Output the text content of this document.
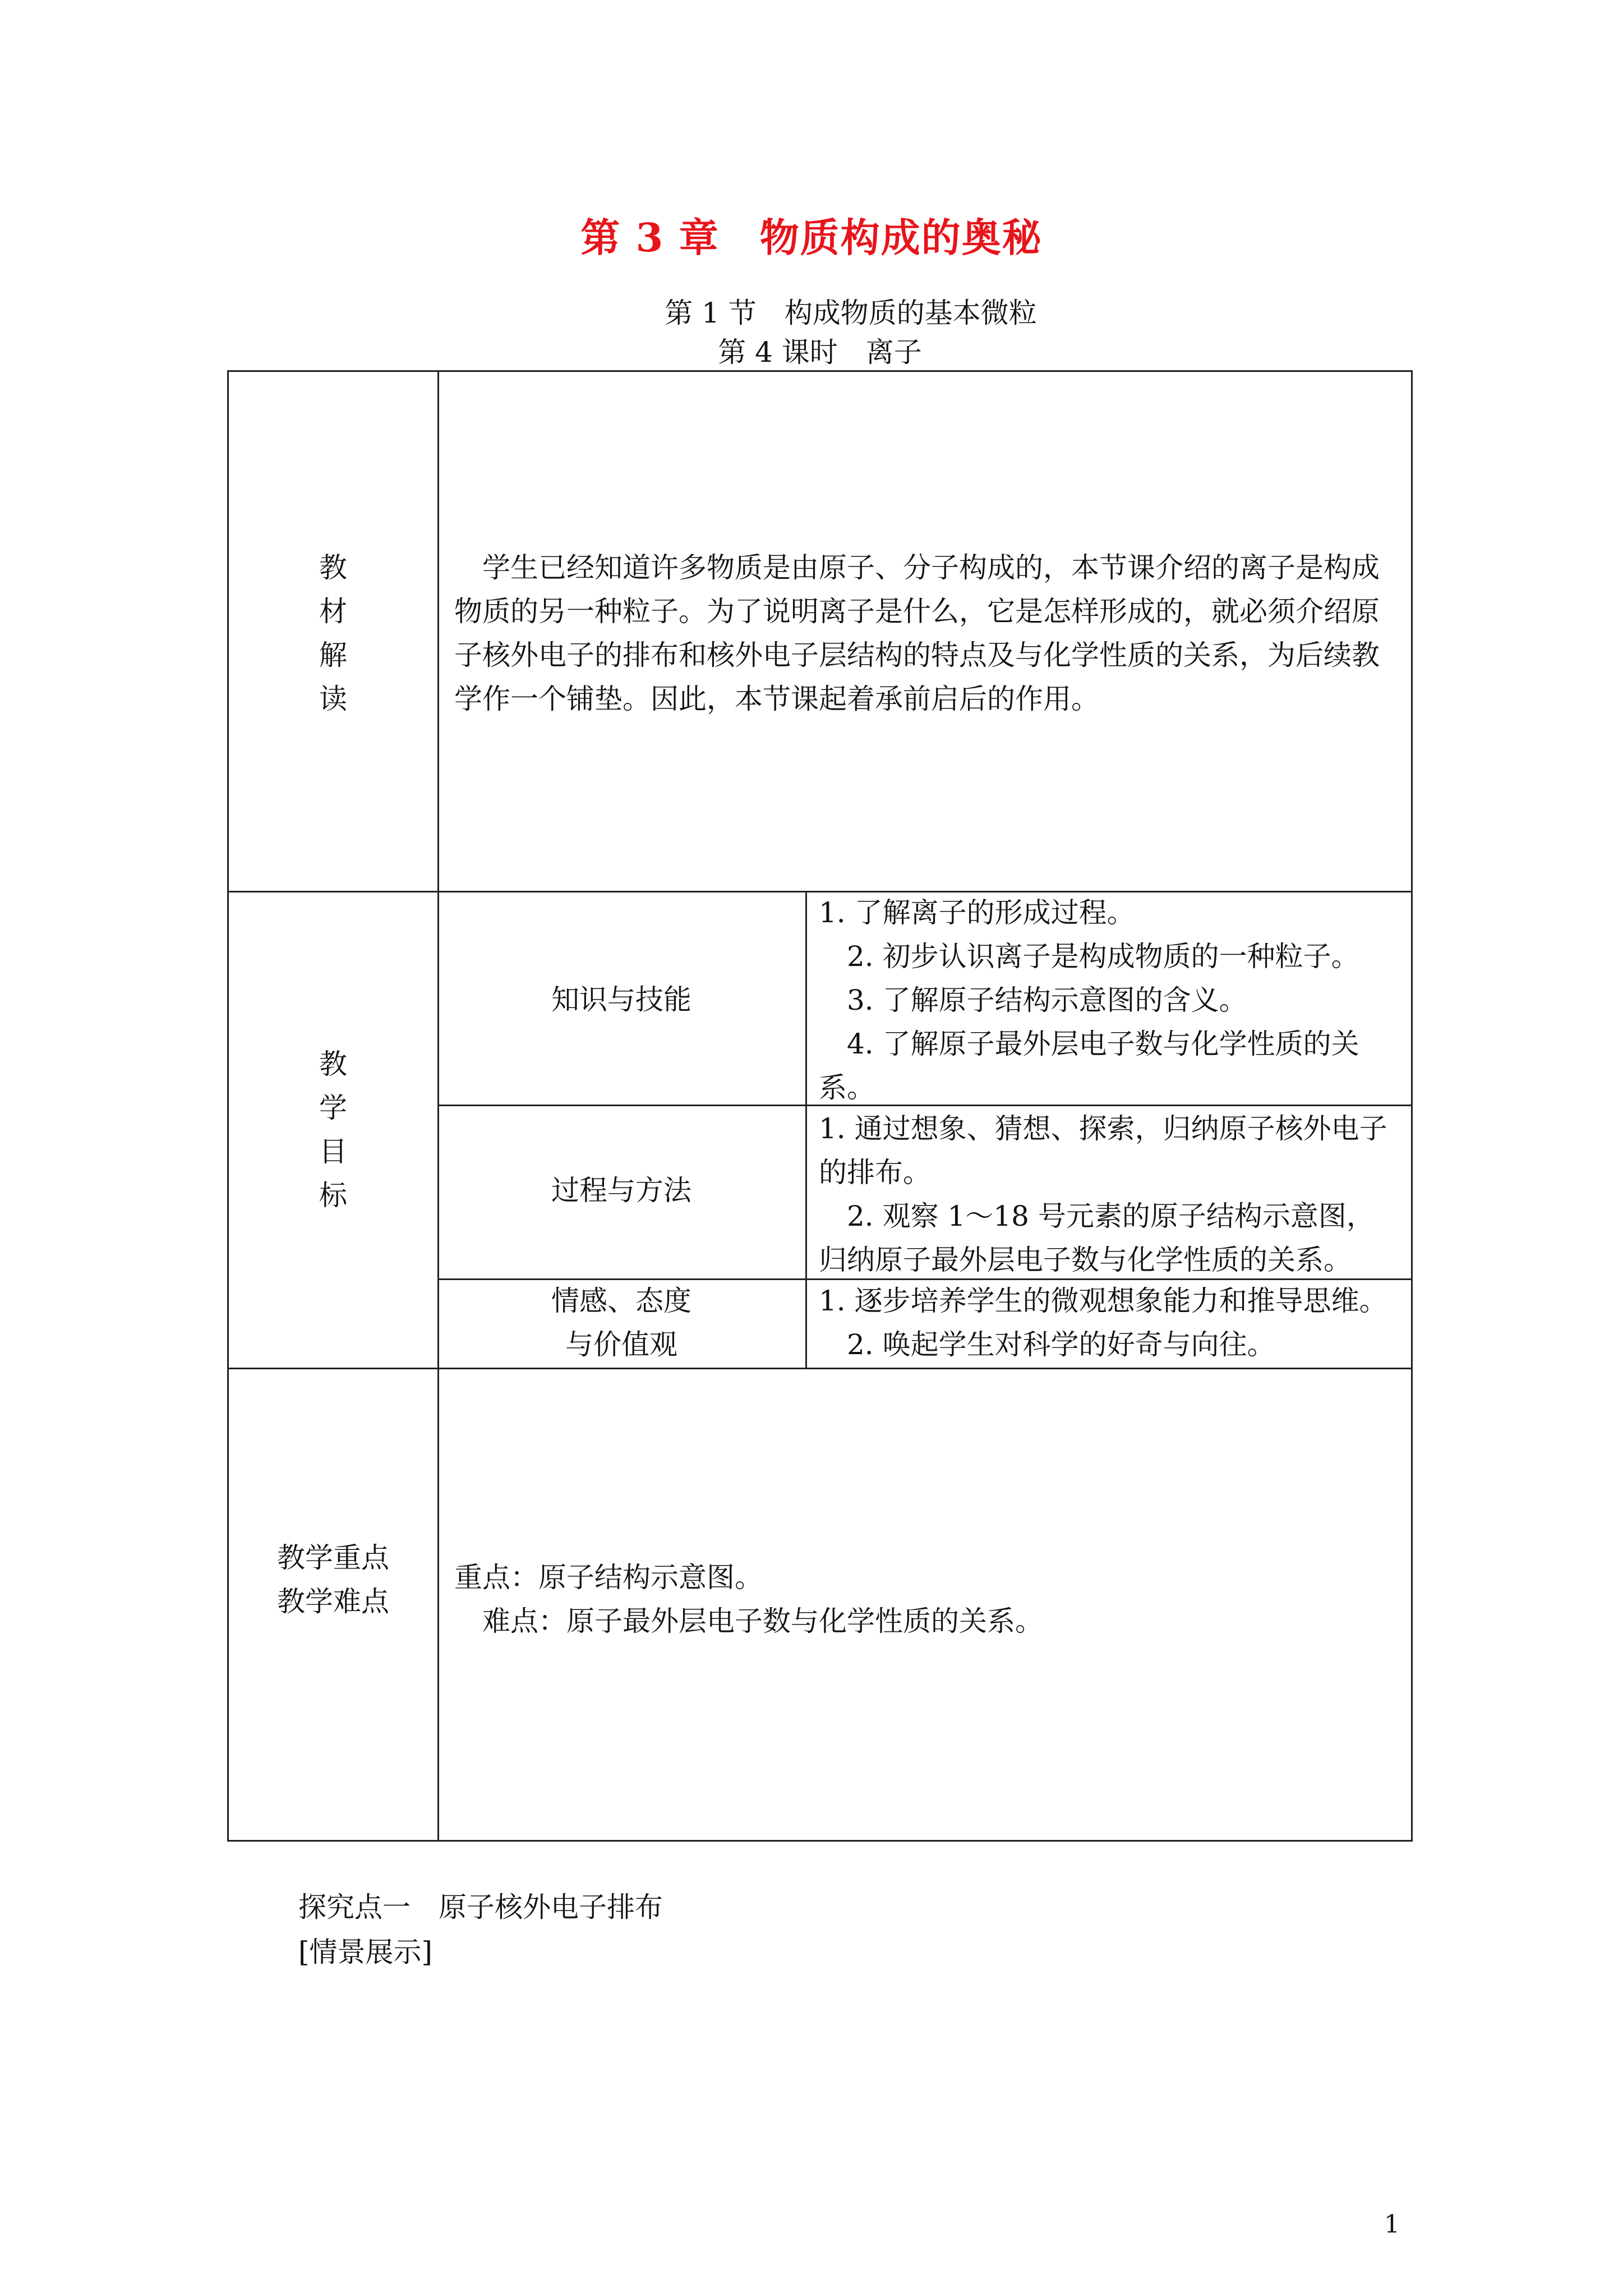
第 3 章　物质构成的奥秘
第 1 节　构成物质的基本微粒
第 4 课时　离子
教材解读
学生已经知道许多物质是由原子、分子构成的，本节课介绍的离子是构成物质的另一种粒子。为了说明离子是什么，它是怎样形成的，就必须介绍原子核外电子的排布和核外电子层结构的特点及与化学性质的关系，为后续教学作一个铺垫。因此，本节课起着承前启后的作用。
教学目标
知识与技能
1. 了解离子的形成过程。
2. 初步认识离子是构成物质的一种粒子。
3. 了解原子结构示意图的含义。
4. 了解原子最外层电子数与化学性质的关系。
过程与方法
1. 通过想象、猜想、探索，归纳原子核外电子的排布。
2. 观察 1～18 号元素的原子结构示意图，归纳原子最外层电子数与化学性质的关系。
情感、态度
与价值观
1. 逐步培养学生的微观想象能力和推导思维。
2. 唤起学生对科学的好奇与向往。
教学重点
教学难点
重点：原子结构示意图。
难点：原子最外层电子数与化学性质的关系。
探究点一　原子核外电子排布
[情景展示]
1
